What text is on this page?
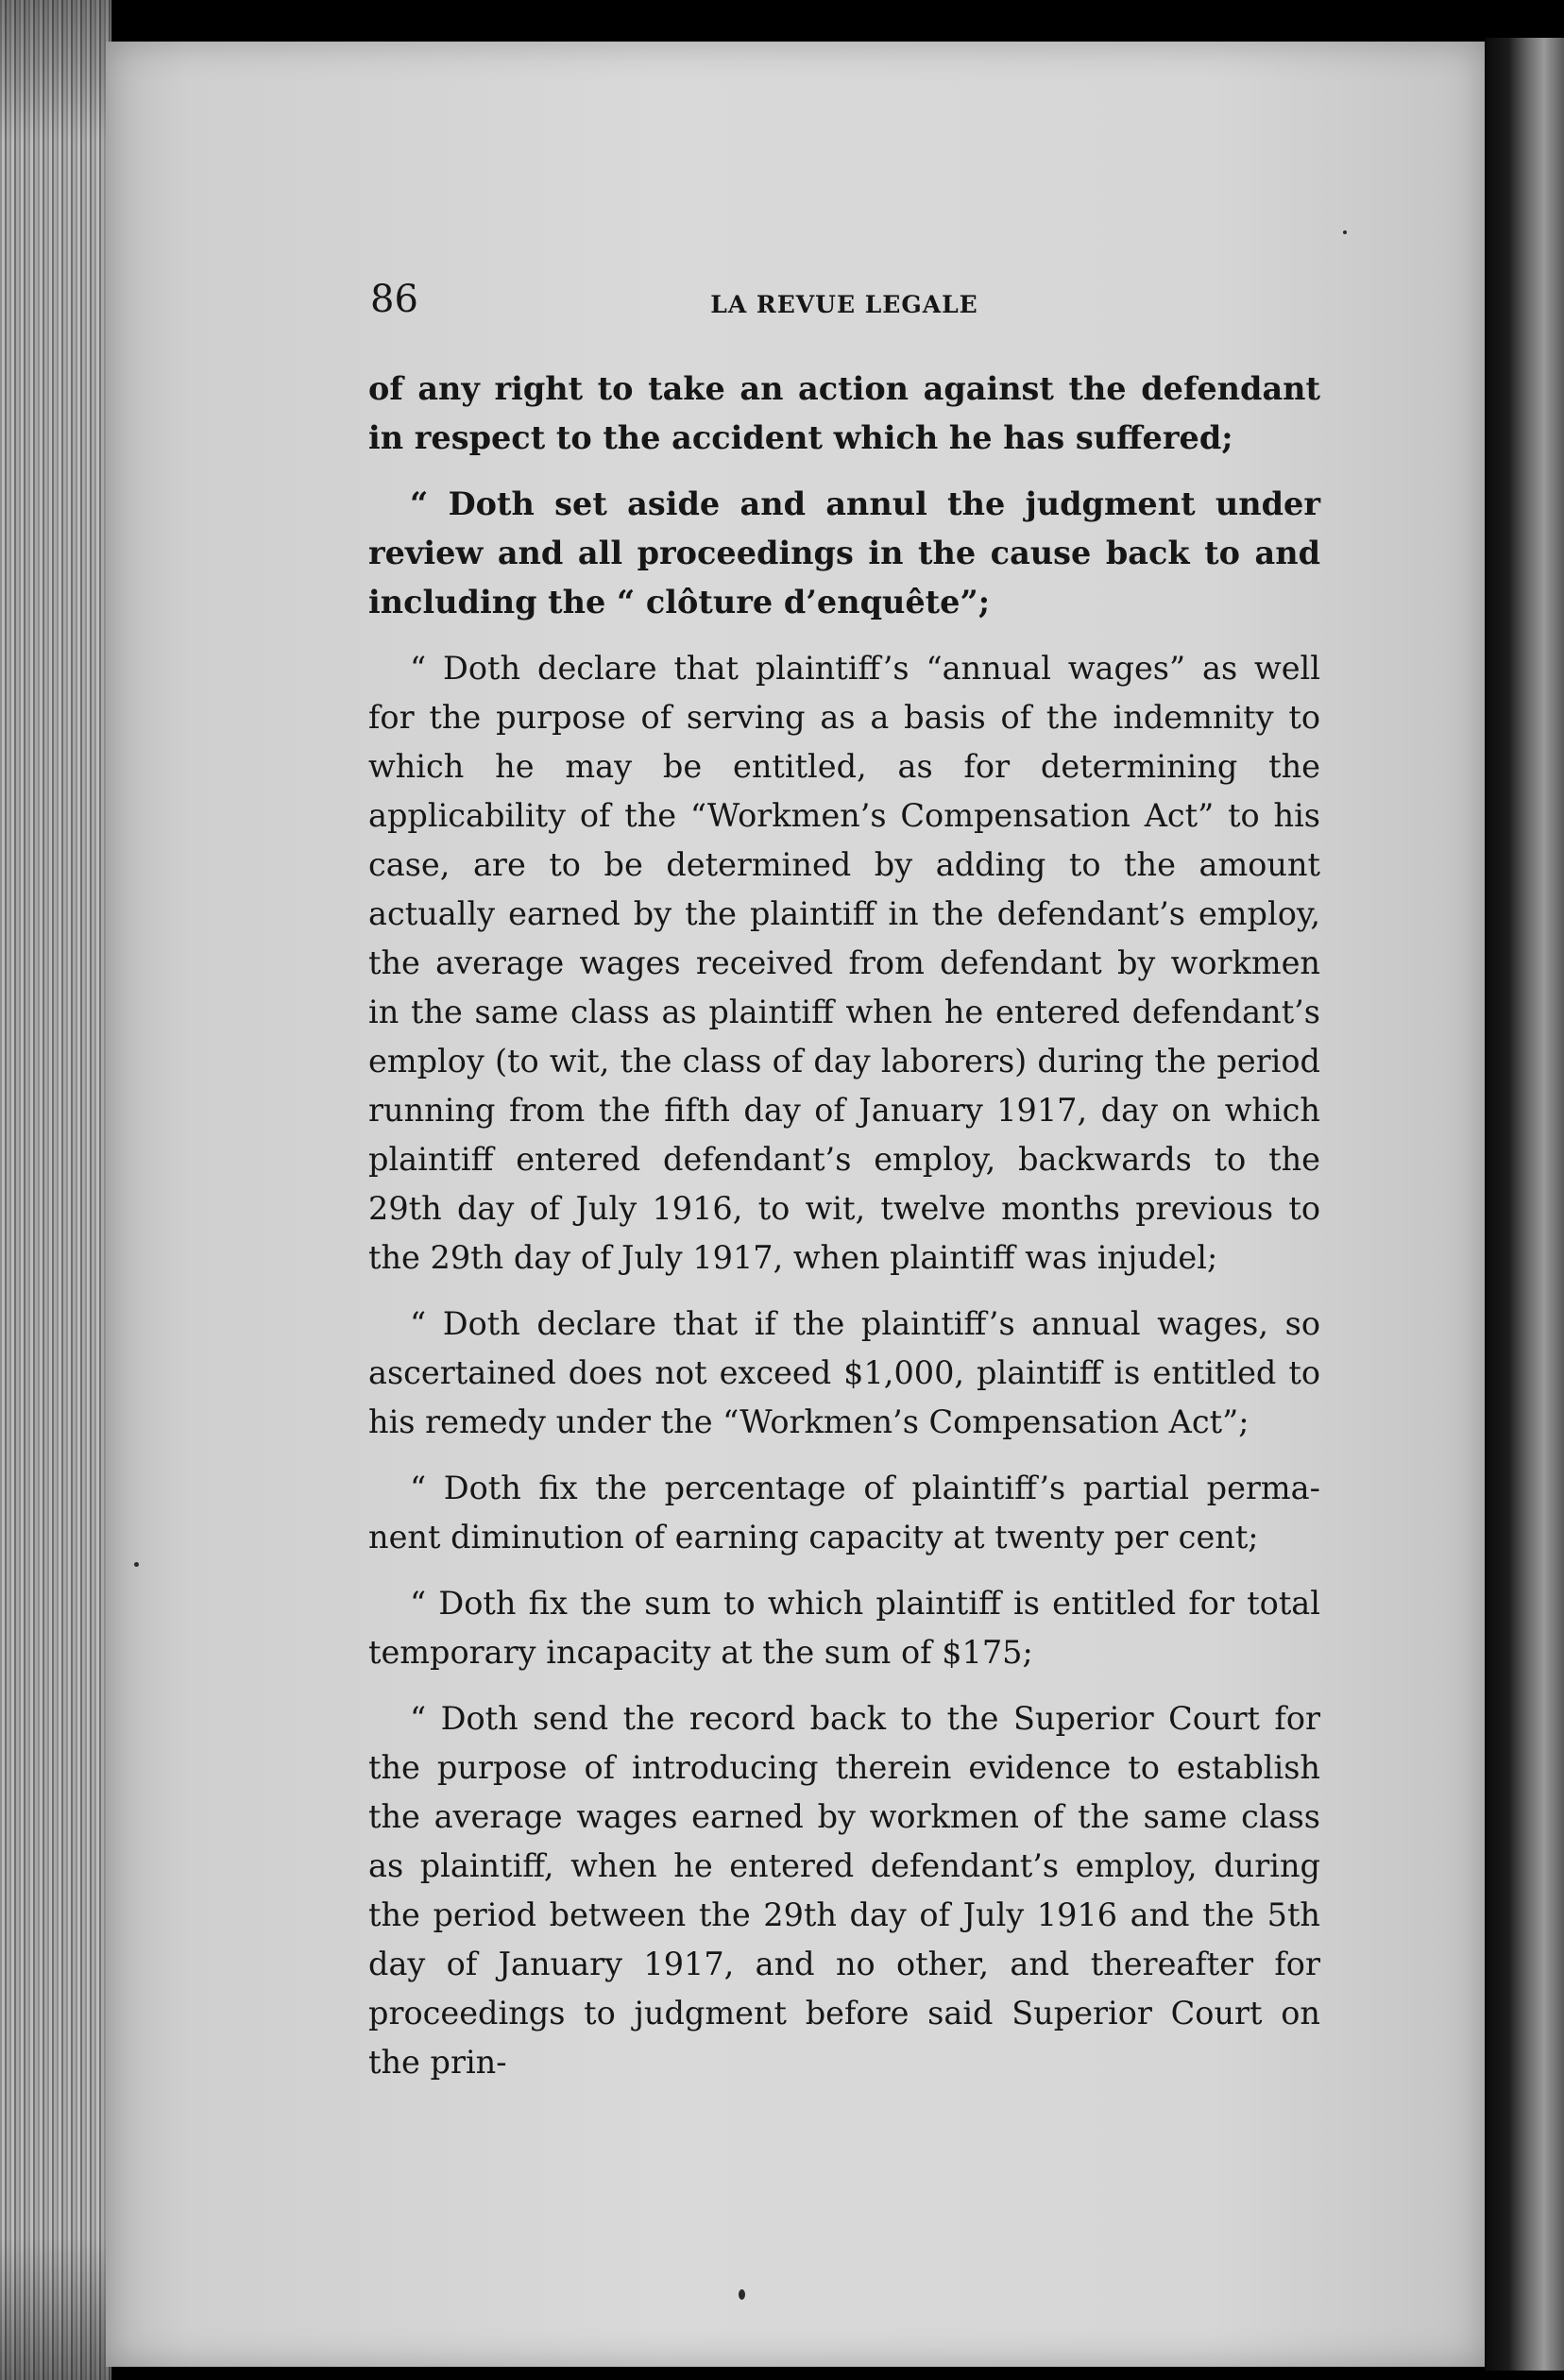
86	LA REVUE LEGALE

of any right to take an action against the defendant in respect to the accident which he has suffered;

“ Doth set aside and annul the judgment under review and all proceedings in the cause back to and including the “ clôture d’enquête”;

“ Doth declare that plaintiff’s “annual wages” as well for the purpose of serving as a basis of the indemnity to which he may be entitled, as for determining the applicability of the “Workmen’s Compensation Act” to his case, are to be determined by adding to the amount actually earned by the plaintiff in the defendant’s employ, the average wages received from defendant by workmen in the same class as plaintiff when he entered defendant’s employ (to wit, the class of day laborers) during the period running from the fifth day of January 1917, day on which plaintiff entered defendant’s employ, backwards to the 29th day of July 1916, to wit, twelve months previous to the 29th day of July 1917, when plaintiff was injudel;

“ Doth declare that if the plaintiff’s annual wages, so ascertained does not exceed $1,000, plaintiff is entitled to his remedy under the “Workmen’s Compensation Act”;

“ Doth fix the percentage of plaintiff’s partial permanent diminution of earning capacity at twenty per cent;

“ Doth fix the sum to which plaintiff is entitled for total temporary incapacity at the sum of $175;

“ Doth send the record back to the Superior Court for the purpose of introducing therein evidence to establish the average wages earned by workmen of the same class as plaintiff, when he entered defendant’s employ, during the period between the 29th day of July 1916 and the 5th day of January 1917, and no other, and thereafter for proceedings to judgment before said Superior Court on the prin-
